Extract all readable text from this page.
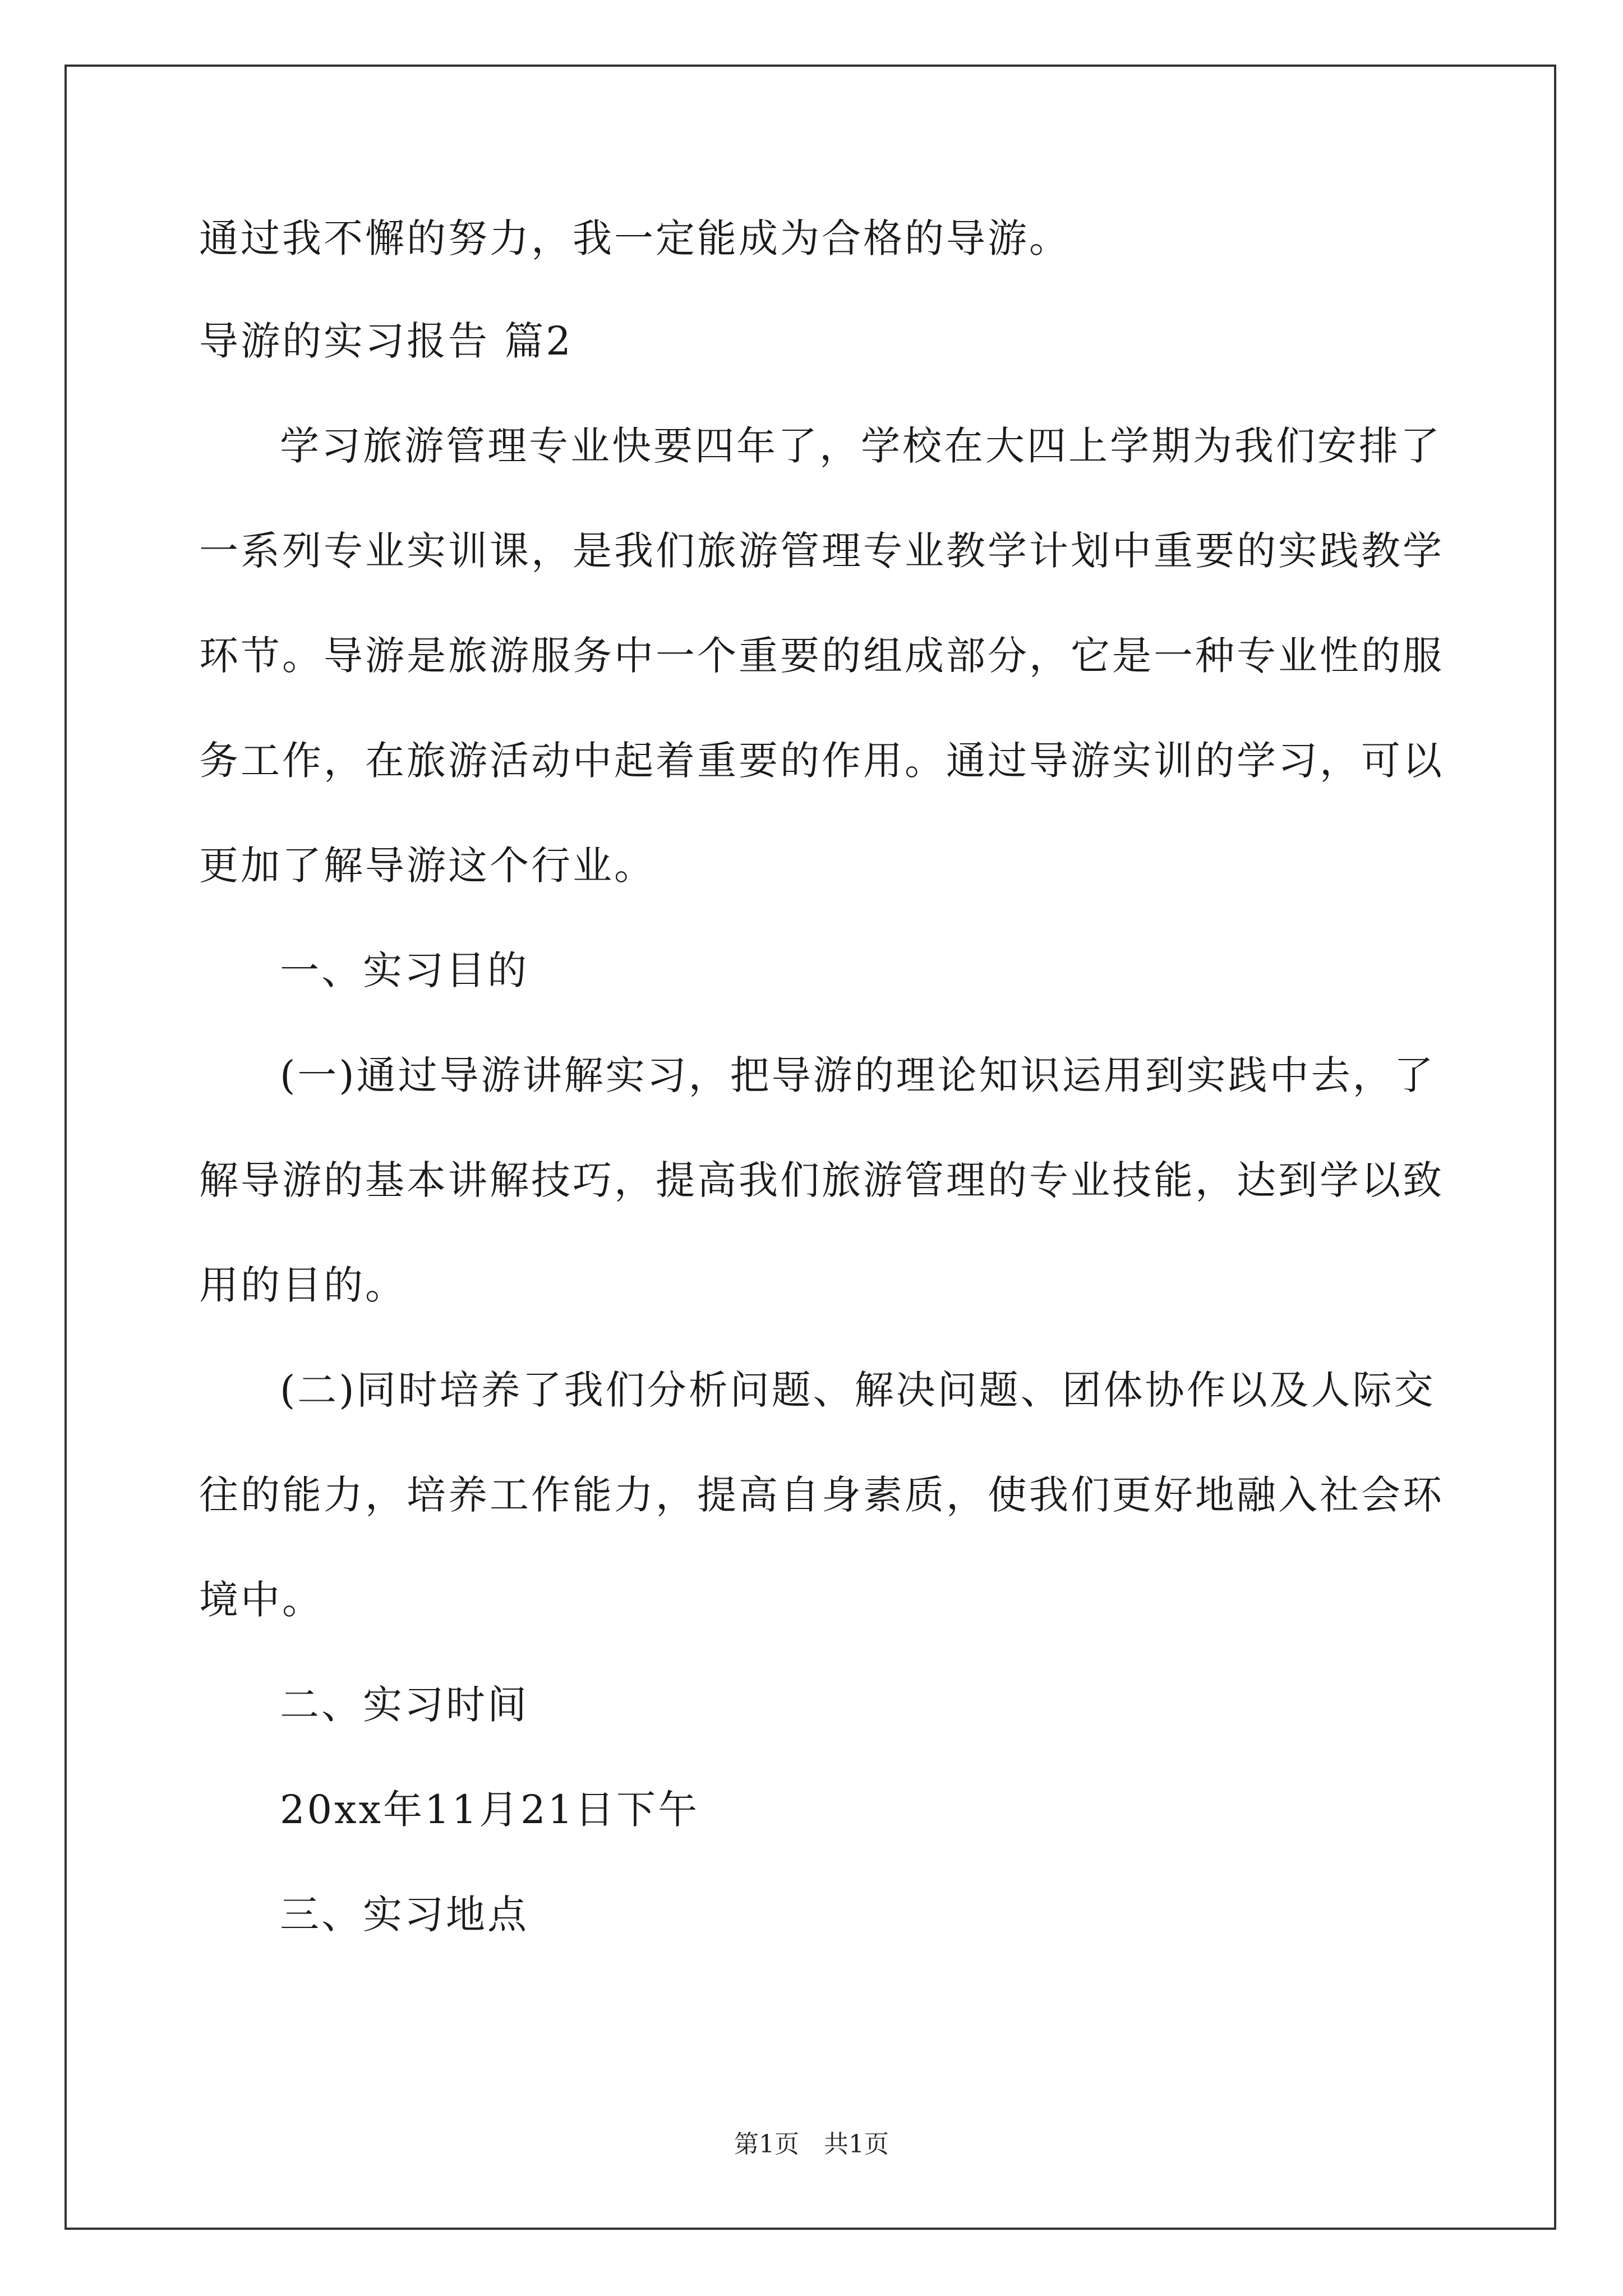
通过我不懈的努力，我一定能成为合格的导游。
导游的实习报告 篇2
学习旅游管理专业快要四年了，学校在大四上学期为我们安排了
一系列专业实训课，是我们旅游管理专业教学计划中重要的实践教学
环节。导游是旅游服务中一个重要的组成部分，它是一种专业性的服
务工作，在旅游活动中起着重要的作用。通过导游实训的学习，可以
更加了解导游这个行业。
一、实习目的
(一)通过导游讲解实习，把导游的理论知识运用到实践中去，了
解导游的基本讲解技巧，提高我们旅游管理的专业技能，达到学以致
用的目的。
(二)同时培养了我们分析问题、解决问题、团体协作以及人际交
往的能力，培养工作能力，提高自身素质，使我们更好地融入社会环
境中。
二、实习时间
20xx年11月21日下午
三、实习地点
第1页　共1页
